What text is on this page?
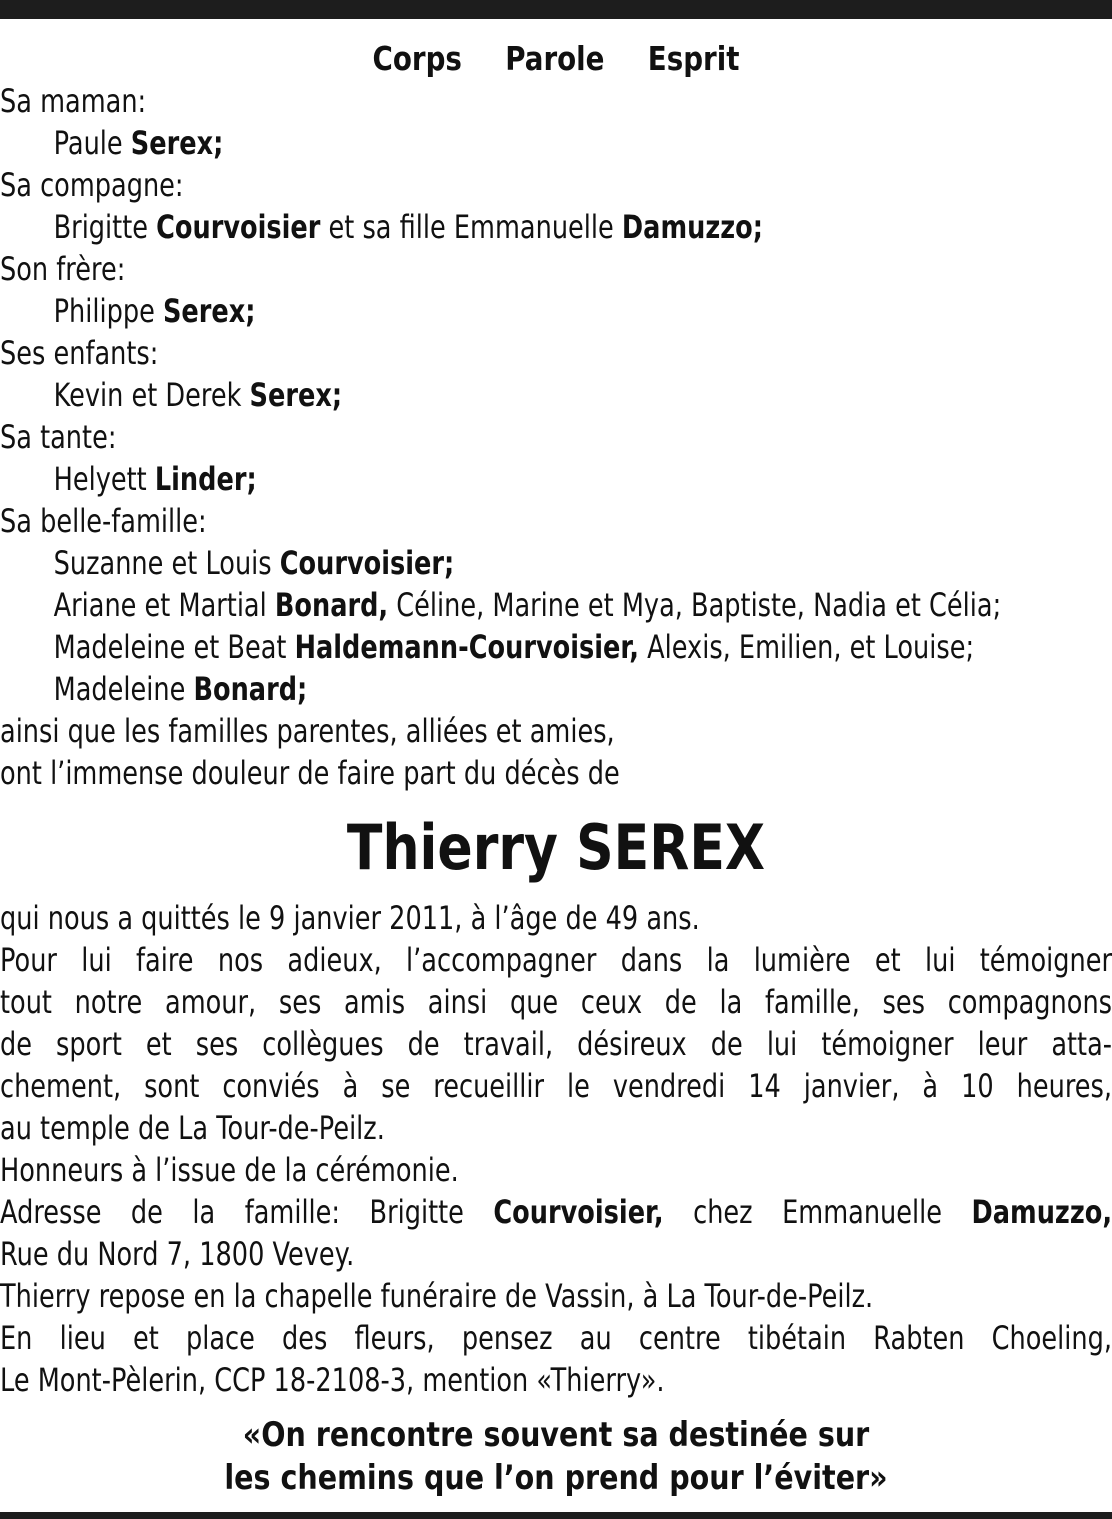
Corps Parole Esprit
Sa maman:
Paule Serex;
Sa compagne:
Brigitte Courvoisier et sa fille Emmanuelle Damuzzo;
Son frère:
Philippe Serex;
Ses enfants:
Kevin et Derek Serex;
Sa tante:
Helyett Linder;
Sa belle-famille:
Suzanne et Louis Courvoisier;
Ariane et Martial Bonard, Céline, Marine et Mya, Baptiste, Nadia et Célia;
Madeleine et Beat Haldemann-Courvoisier, Alexis, Emilien, et Louise;
Madeleine Bonard;
ainsi que les familles parentes, alliées et amies,
ont l’immense douleur de faire part du décès de
Thierry SEREX
qui nous a quittés le 9 janvier 2011, à l’âge de 49 ans.
Pour lui faire nos adieux, l’accompagner dans la lumière et lui témoigner
tout notre amour, ses amis ainsi que ceux de la famille, ses compagnons
de sport et ses collègues de travail, désireux de lui témoigner leur atta-
chement, sont conviés à se recueillir le vendredi 14 janvier, à 10 heures,
au temple de La Tour-de-Peilz.
Honneurs à l’issue de la cérémonie.
Adresse de la famille: Brigitte Courvoisier, chez Emmanuelle Damuzzo,
Rue du Nord 7, 1800 Vevey.
Thierry repose en la chapelle funéraire de Vassin, à La Tour-de-Peilz.
En lieu et place des fleurs, pensez au centre tibétain Rabten Choeling,
Le Mont-Pèlerin, CCP 18-2108-3, mention «Thierry».
«On rencontre souvent sa destinée sur
les chemins que l’on prend pour l’éviter»
